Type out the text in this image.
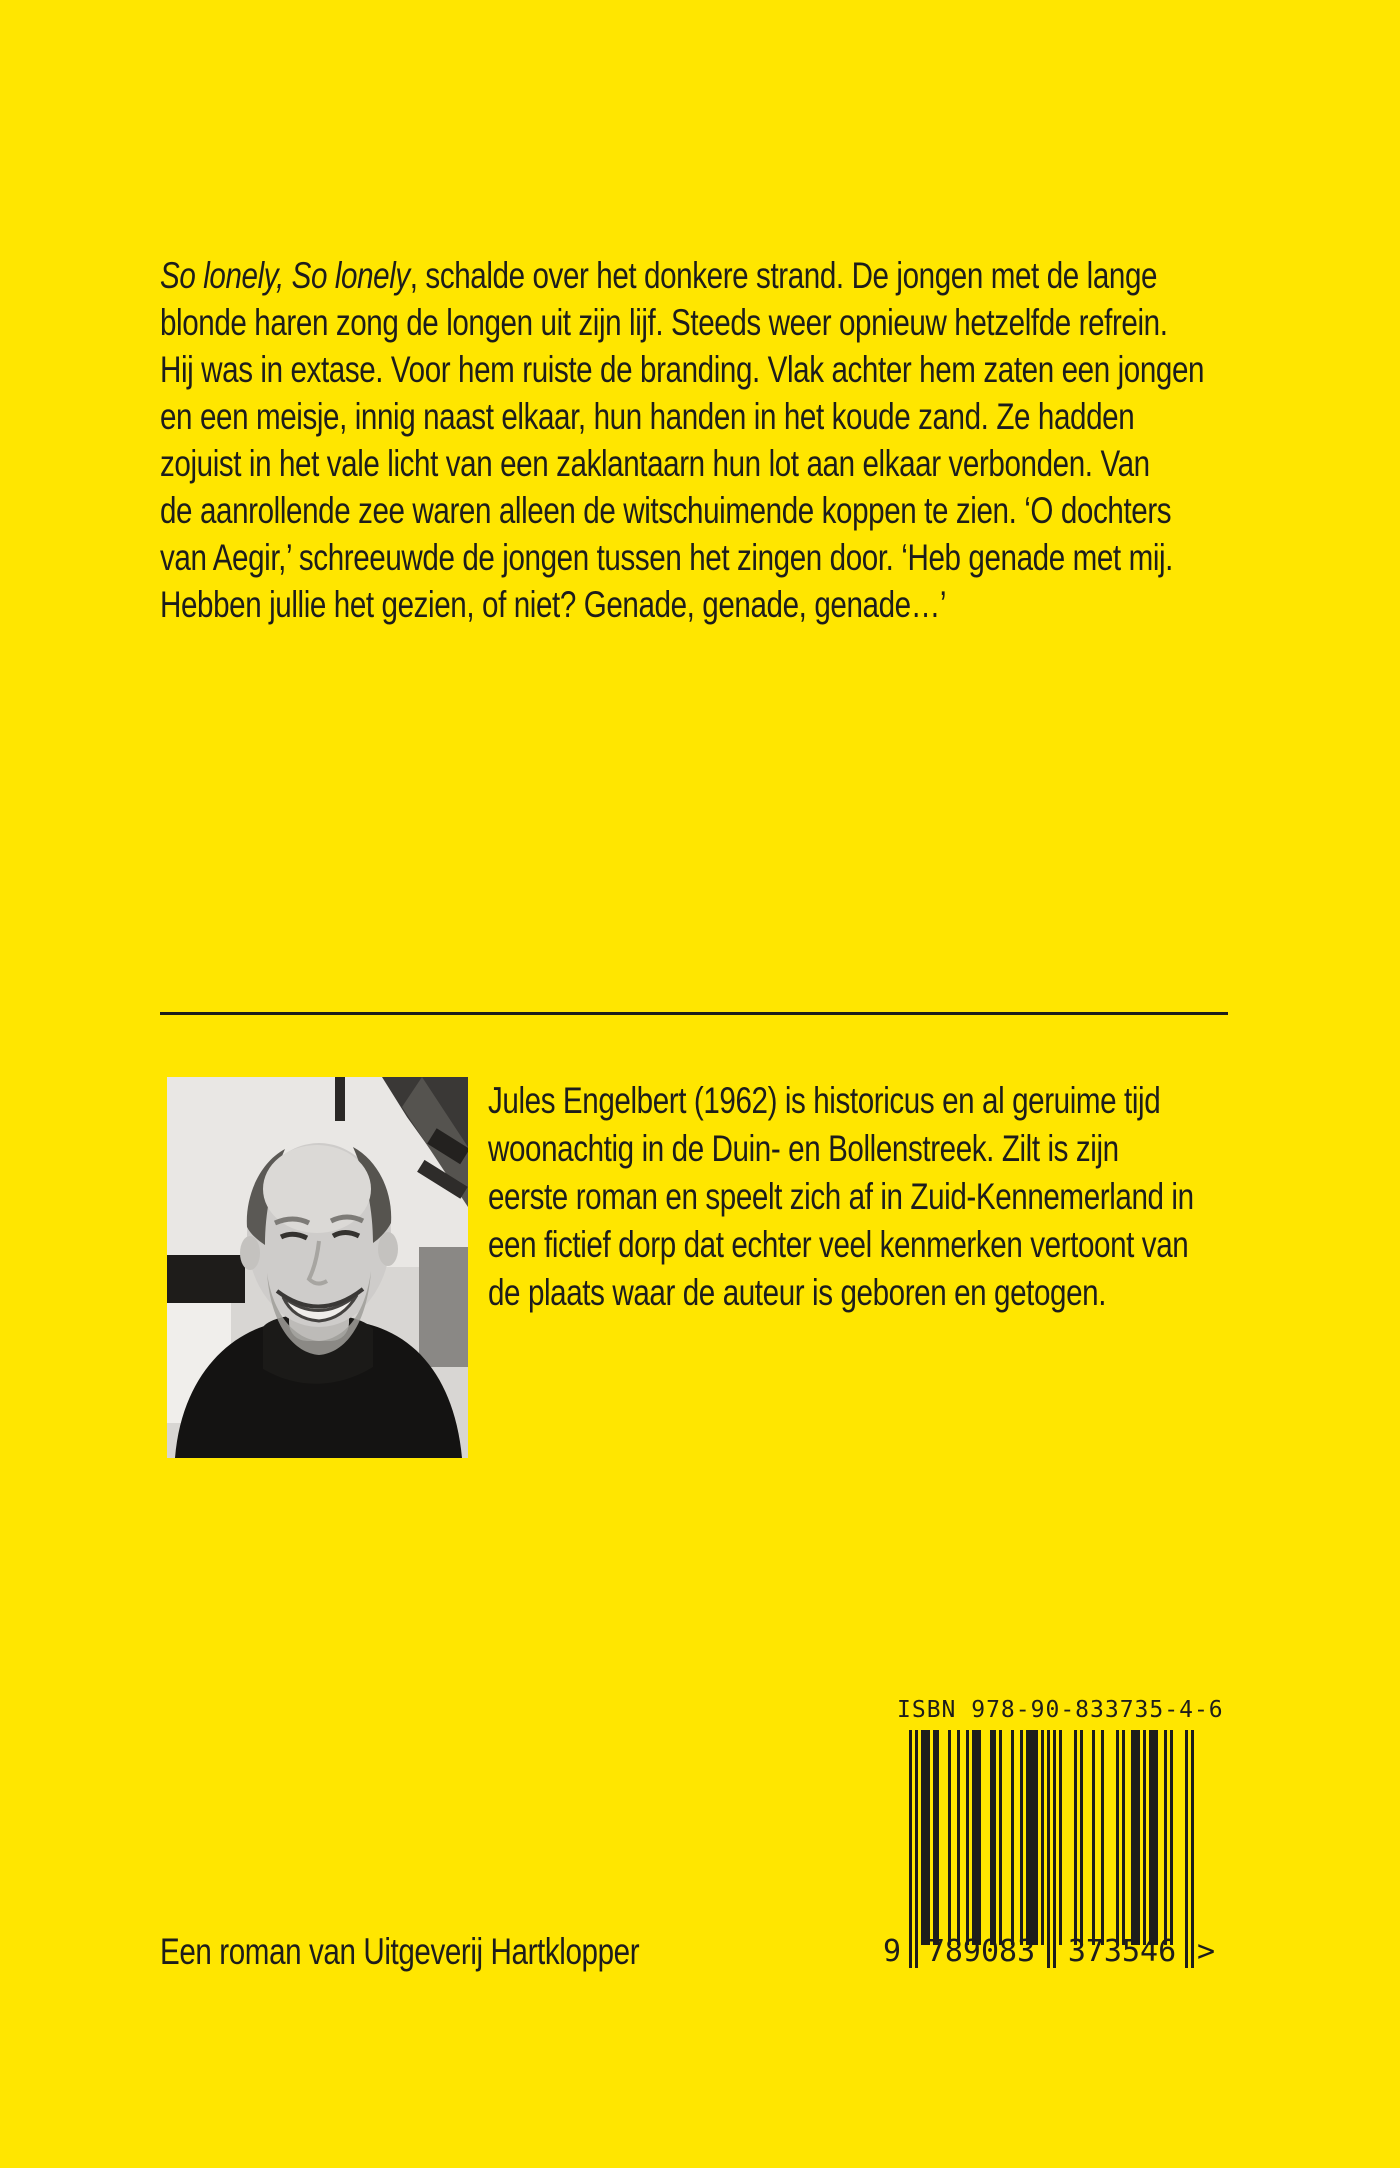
So lonely, So lonely, schalde over het donkere strand. De jongen met de lange
blonde haren zong de longen uit zijn lijf. Steeds weer opnieuw hetzelfde refrein.
Hij was in extase. Voor hem ruiste de branding. Vlak achter hem zaten een jongen
en een meisje, innig naast elkaar, hun handen in het koude zand. Ze hadden
zojuist in het vale licht van een zaklantaarn hun lot aan elkaar verbonden. Van
de aanrollende zee waren alleen de witschuimende koppen te zien. ‘O dochters
van Aegir,’ schreeuwde de jongen tussen het zingen door. ‘Heb genade met mij.
Hebben jullie het gezien, of niet? Genade, genade, genade…’
Jules Engelbert (1962) is historicus en al geruime tijd
woonachtig in de Duin- en Bollenstreek. Zilt is zijn
eerste roman en speelt zich af in Zuid-Kennemerland in
een fictief dorp dat echter veel kenmerken vertoont van
de plaats waar de auteur is geboren en getogen.
ISBN 978-90-833735-4-6
9 789083 373546 >
Een roman van Uitgeverij Hartklopper
